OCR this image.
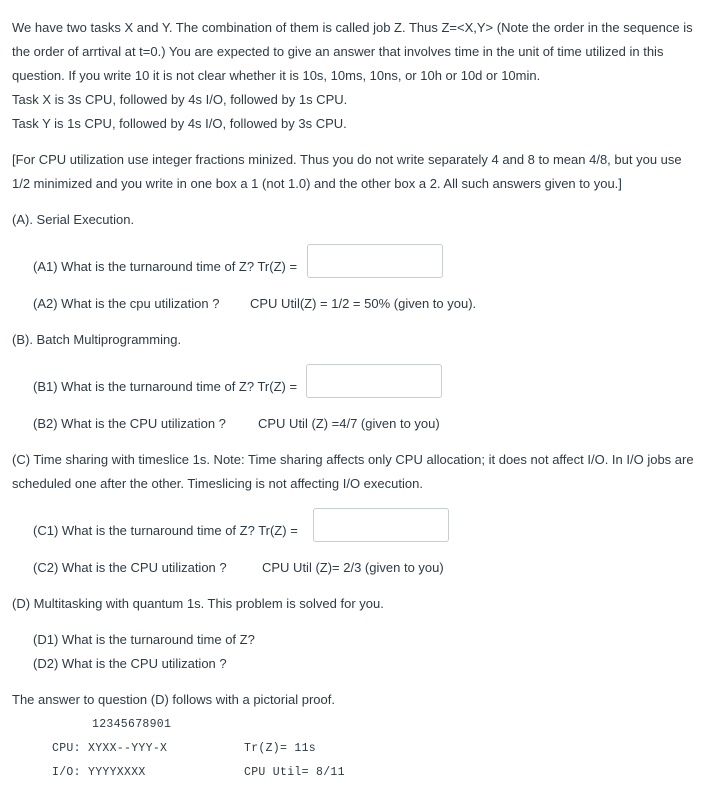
We have two tasks X and Y. The combination of them is called job Z. Thus Z=<X,Y> (Note the order in the sequence is
the order of arrtival at t=0.) You are expected to give an answer that involves time in the unit of time utilized in this
question. If you write 10 it is not clear whether it is 10s, 10ms, 10ns, or 10h or 10d or 10min.
Task X is 3s CPU, followed by 4s I/O, followed by 1s CPU.
Task Y is 1s CPU, followed by 4s I/O, followed by 3s CPU.
[For CPU utilization use integer fractions minized. Thus you do not write separately 4 and 8 to mean 4/8, but you use
1/2 minimized and you write in one box a 1 (not 1.0) and the other box a 2. All such answers given to you.]
(A). Serial Execution.
(A1) What is the turnaround time of Z? Tr(Z) =
(A2) What is the cpu utilization ? CPU Util(Z) = 1/2 = 50% (given to you).
(B). Batch Multiprogramming.
(B1) What is the turnaround time of Z? Tr(Z) =
(B2) What is the CPU utilization ? CPU Util (Z) =4/7 (given to you)
(C) Time sharing with timeslice 1s. Note: Time sharing affects only CPU allocation; it does not affect I/O. In I/O jobs are
scheduled one after the other. Timeslicing is not affecting I/O execution.
(C1) What is the turnaround time of Z? Tr(Z) =
(C2) What is the CPU utilization ?	CPU Util (Z)= 2/3 (given to you)
(D) Multitasking with quantum 1s. This problem is solved for you.
(D1) What is the turnaround time of Z?
(D2) What is the CPU utilization ?
The answer to question (D) follows with a pictorial proof.
12345678901
CPU: XYXX--YYY-X
I/O: YYYYXXXX
Tr(Z)= 11s
CPU Util= 8/11
